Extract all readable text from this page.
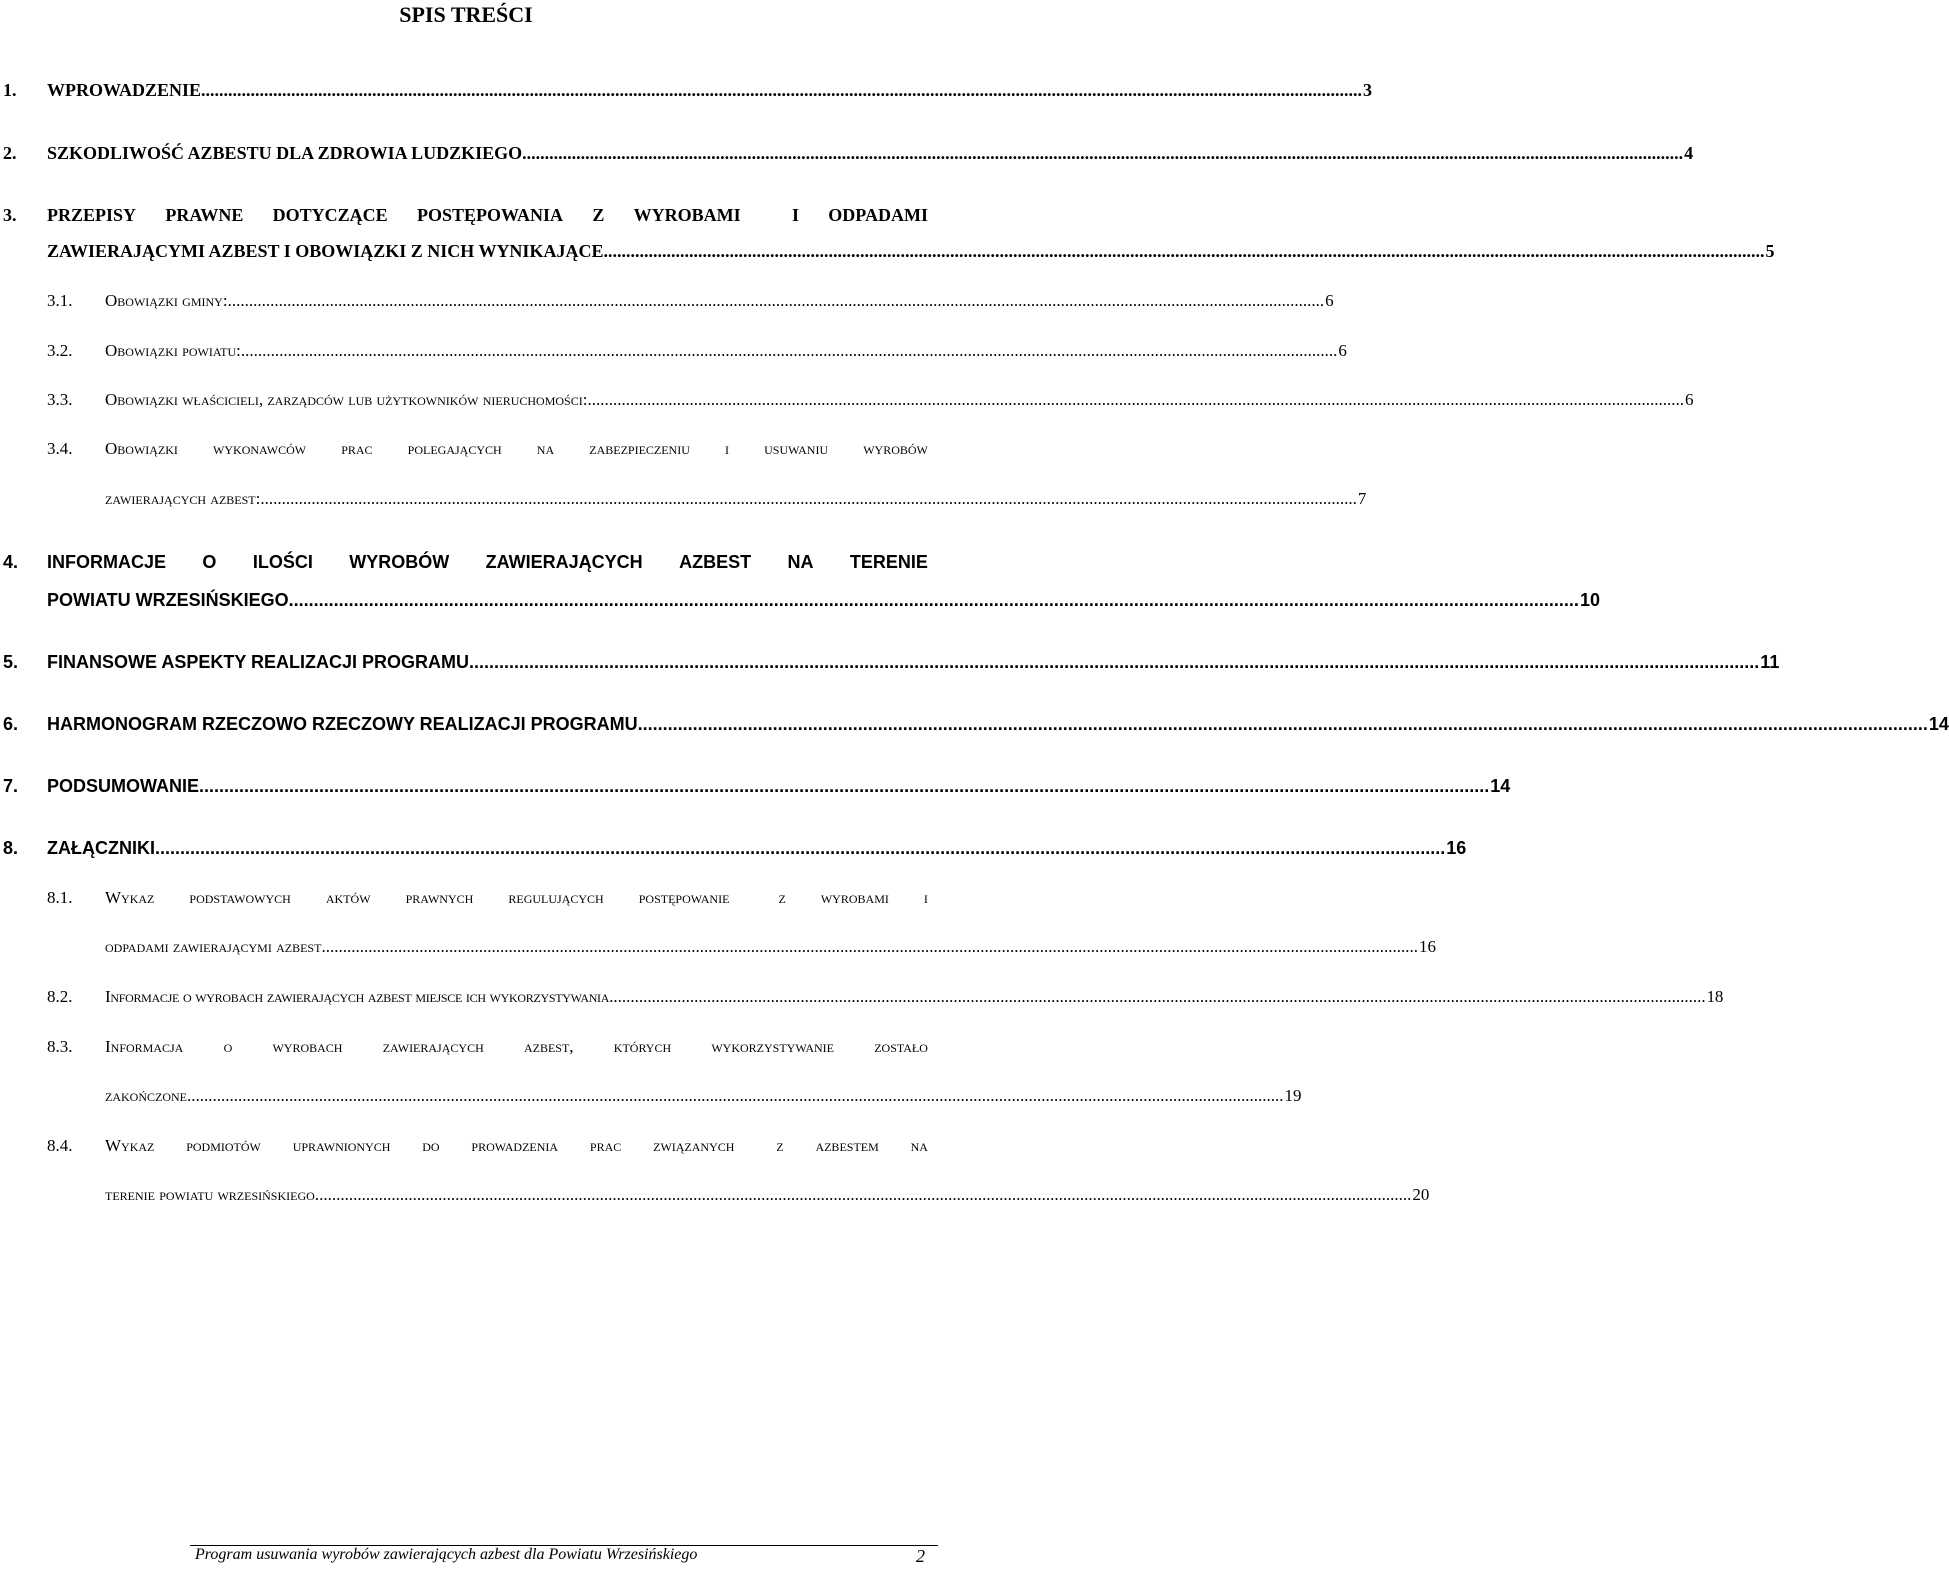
SPIS TREŚCI
1. WPROWADZENIE .................................................................................................................................................................................................................................................................. 3
2. SZKODLIWOŚĆ AZBESTU DLA ZDROWIA LUDZKIEGO .................................................................................................................................................................................................................................................................. 4
3. PRZEPISY PRAWNE DOTYCZĄCE POSTĘPOWANIA Z WYROBAMI	I ODPADAMI
ZAWIERAJĄCYMI AZBEST I OBOWIĄZKI Z NICH WYNIKAJĄCE .................................................................................................................................................................................................................................................................. 5
3.1. Obowiązki gminy: .................................................................................................................................................................................................................................................................. 6
3.2. Obowiązki powiatu: .................................................................................................................................................................................................................................................................. 6
3.3. Obowiązki właścicieli, zarządców lub użytkowników nieruchomości: .................................................................................................................................................................................................................................................................. 6
3.4. Obowiązki wykonawców prac polegających na zabezpieczeniu i usuwaniu wyrobów
zawierających azbest: .................................................................................................................................................................................................................................................................. 7
4. INFORMACJE O ILOŚCI WYROBÓW ZAWIERAJĄCYCH AZBEST NA TERENIE
POWIATU WRZESIŃSKIEGO .................................................................................................................................................................................................................................................................. 10
5. FINANSOWE ASPEKTY REALIZACJI PROGRAMU .................................................................................................................................................................................................................................................................. 11
6. HARMONOGRAM RZECZOWO RZECZOWY REALIZACJI PROGRAMU .................................................................................................................................................................................................................................................................. 14
7. PODSUMOWANIE .................................................................................................................................................................................................................................................................. 14
8. ZAŁĄCZNIKI .................................................................................................................................................................................................................................................................. 16
8.1. Wykaz podstawowych aktów prawnych regulujących postępowanie	z wyrobami i
odpadami zawierającymi azbest .................................................................................................................................................................................................................................................................. 16
8.2. Informacje o wyrobach zawierających azbest miejsce ich wykorzystywania .................................................................................................................................................................................................................................................................. 18
8.3. Informacja o wyrobach zawierających azbest, których wykorzystywanie zostało
zakończone .................................................................................................................................................................................................................................................................. 19
8.4. Wykaz podmiotów uprawnionych do prowadzenia prac związanych z azbestem na
terenie powiatu wrzesińskiego .................................................................................................................................................................................................................................................................. 20
Program usuwania wyrobów zawierających azbest dla Powiatu Wrzesińskiego	2
